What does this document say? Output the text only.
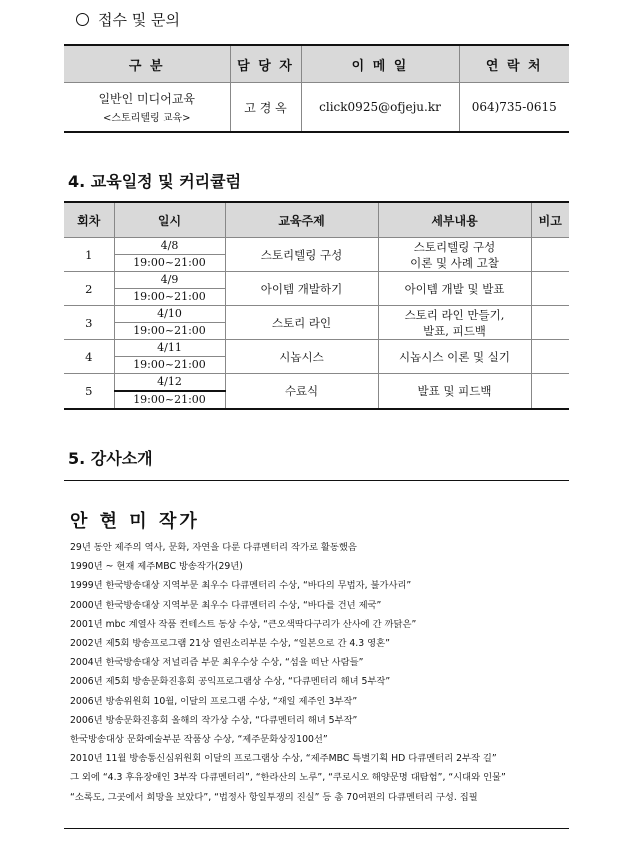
접수 및 문의
구 분	담 당 자	이 메 일	연 락 처
일반인 미디어교육
<스토리텔링 교육>	고 경 옥	click0925@ofjeju.kr	064)735-0615
4. 교육일정 및 커리큘럼
회차	일시	교육주제	세부내용	비고
1	4/8	스토리텔링 구성	스토리텔링 구성
이론 및 사례 고찰	
	19:00~21:00			
2	4/9	아이템 개발하기	아이템 개발 및 발표	
	19:00~21:00			
3	4/10	스토리 라인	스토리 라인 만들기,
발표, 피드백	
	19:00~21:00			
4	4/11	시놉시스	시놉시스 이론 및 실기	
	19:00~21:00			
5	4/12	수료식	발표 및 피드백	
	19:00~21:00			
5. 강사소개
안 현 미 작가
29년 동안 제주의 역사, 문화, 자연을 다룬 다큐멘터리 작가로 활동했음
1990년 ~ 현재 제주MBC 방송작가(29년)
1999년 한국방송대상 지역부문 최우수 다큐멘터리 수상, “바다의 무법자, 불가사리”
2000년 한국방송대상 지역부문 최우수 다큐멘터리 수상, “바다를 건넌 제국”
2001년 mbc 계열사 작품 컨테스트 동상 수상, “큰오색딱다구리가 산사에 간 까닭은”
2002년 제5회 방송프로그램 21상 열린소리부분 수상, “일본으로 간 4.3 영혼”
2004년 한국방송대상 저널리즘 부문 최우수상 수상, “섬을 떠난 사람들”
2006년 제5회 방송문화진흥회 공익프로그램상 수상, “다큐멘터리 해녀 5부작”
2006년 방송위원회 10월, 이달의 프로그램 수상, “재일 제주인 3부작”
2006년 방송문화진흥회 올해의 작가상 수상, “다큐멘터리 해녀 5부작”
한국방송대상 문화예술부분 작품상 수상, “제주문화상징100선”
2010년 11월 방송통신심위원회 이달의 프로그램상 수상, “제주MBC 특별기획 HD 다큐멘터리 2부작 길”
그 외에 “4.3 후유장애인 3부작 다큐멘터리”, “한라산의 노루”, “쿠로시오 해양문명 대탐험”, “시대와 인물”
“소록도, 그곳에서 희망을 보았다”, “법정사 항일투쟁의 진실” 등 총 70여편의 다큐멘터리 구성. 집필
